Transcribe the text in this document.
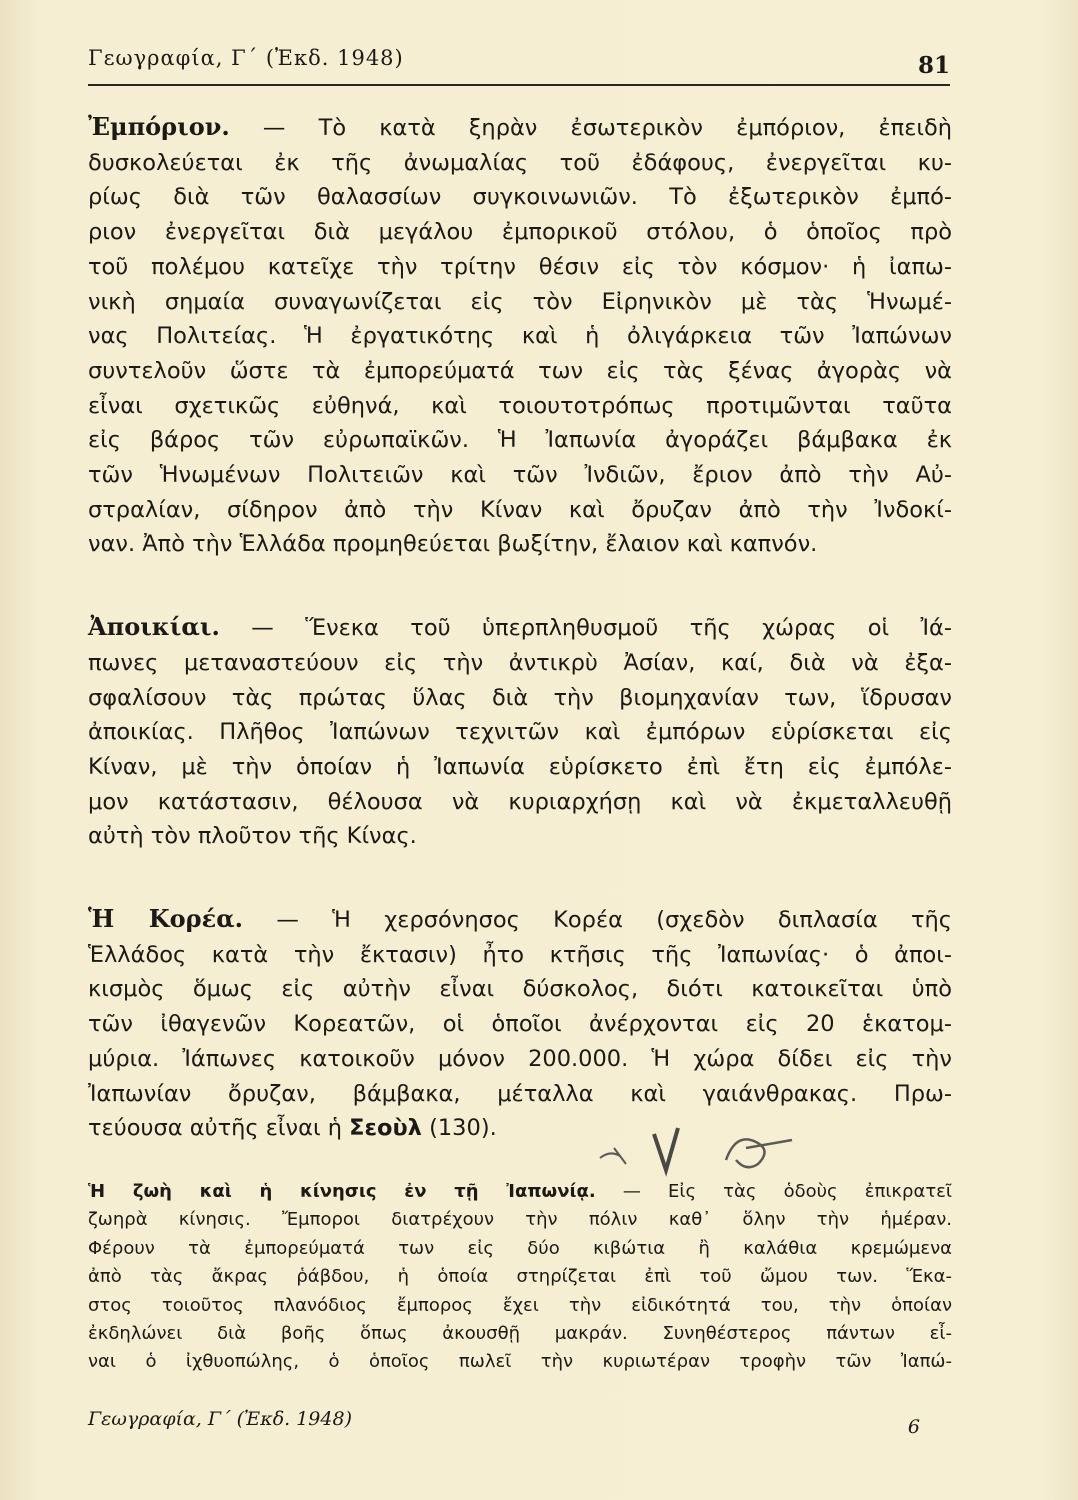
Γεωγραφία, Γ΄ (Ἐκδ. 1948)	81

Ἐμπόριον. — Τὸ κατὰ ξηρὰν ἐσωτερικὸν ἐμπόριον, ἐπειδὴ
δυσκολεύεται ἐκ τῆς ἀνωμαλίας τοῦ ἐδάφους, ἐνεργεῖται κυ-
ρίως διὰ τῶν θαλασσίων συγκοινωνιῶν. Τὸ ἐξωτερικὸν ἐμπό-
ριον ἐνεργεῖται διὰ μεγάλου ἐμπορικοῦ στόλου, ὁ ὁποῖος πρὸ
τοῦ πολέμου κατεῖχε τὴν τρίτην θέσιν εἰς τὸν κόσμον· ἡ ἰαπω-
νικὴ σημαία συναγωνίζεται εἰς τὸν Εἰρηνικὸν μὲ τὰς Ἡνωμέ-
νας Πολιτείας. Ἡ ἐργατικότης καὶ ἡ ὀλιγάρκεια τῶν Ἰαπώνων
συντελοῦν ὥστε τὰ ἐμπορεύματά των εἰς τὰς ξένας ἀγορὰς νὰ
εἶναι σχετικῶς εὐθηνά, καὶ τοιουτοτρόπως προτιμῶνται ταῦτα
εἰς βάρος τῶν εὐρωπαϊκῶν. Ἡ Ἰαπωνία ἀγοράζει βάμβακα ἐκ
τῶν Ἡνωμένων Πολιτειῶν καὶ τῶν Ἰνδιῶν, ἔριον ἀπὸ τὴν Αὐ-
στραλίαν, σίδηρον ἀπὸ τὴν Κίναν καὶ ὄρυζαν ἀπὸ τὴν Ἰνδοκί-
ναν. Ἀπὸ τὴν Ἑλλάδα προμηθεύεται βωξίτην, ἔλαιον καὶ καπνόν.

Ἀποικίαι. — Ἕνεκα τοῦ ὑπερπληθυσμοῦ τῆς χώρας οἱ Ἰά-
πωνες μεταναστεύουν εἰς τὴν ἀντικρὺ Ἀσίαν, καί, διὰ νὰ ἐξα-
σφαλίσουν τὰς πρώτας ὕλας διὰ τὴν βιομηχανίαν των, ἵδρυσαν
ἀποικίας. Πλῆθος Ἰαπώνων τεχνιτῶν καὶ ἐμπόρων εὑρίσκεται εἰς
Κίναν, μὲ τὴν ὁποίαν ἡ Ἰαπωνία εὑρίσκετο ἐπὶ ἔτη εἰς ἐμπόλε-
μον κατάστασιν, θέλουσα νὰ κυριαρχήσῃ καὶ νὰ ἐκμεταλλευθῇ
αὐτὴ τὸν πλοῦτον τῆς Κίνας.

Ἡ Κορέα. — Ἡ χερσόνησος Κορέα (σχεδὸν διπλασία τῆς
Ἑλλάδος κατὰ τὴν ἔκτασιν) ἦτο κτῆσις τῆς Ἰαπωνίας· ὁ ἀποι-
κισμὸς ὅμως εἰς αὐτὴν εἶναι δύσκολος, διότι κατοικεῖται ὑπὸ
τῶν ἰθαγενῶν Κορεατῶν, οἱ ὁποῖοι ἀνέρχονται εἰς 20 ἑκατομ-
μύρια. Ἰάπωνες κατοικοῦν μόνον 200.000. Ἡ χώρα δίδει εἰς τὴν
Ἰαπωνίαν ὄρυζαν, βάμβακα, μέταλλα καὶ γαιάνθρακας. Πρω-
τεύουσα αὐτῆς εἶναι ἡ Σεοὺλ (130).

Ἡ ζωὴ καὶ ἡ κίνησις ἐν τῇ Ἰαπωνίᾳ. — Εἰς τὰς ὁδοὺς ἐπικρατεῖ
ζωηρὰ κίνησις. Ἔμποροι διατρέχουν τὴν πόλιν καθ᾽ ὅλην τὴν ἡμέραν.
Φέρουν τὰ ἐμπορεύματά των εἰς δύο κιβώτια ἢ καλάθια κρεμώμενα
ἀπὸ τὰς ἄκρας ῥάβδου, ἡ ὁποία στηρίζεται ἐπὶ τοῦ ὤμου των. Ἕκα-
στος τοιοῦτος πλανόδιος ἔμπορος ἔχει τὴν εἰδικότητά του, τὴν ὁποίαν
ἐκδηλώνει διὰ βοῆς ὅπως ἀκουσθῇ μακράν. Συνηθέστερος πάντων εἶ-
ναι ὁ ἰχθυοπώλης, ὁ ὁποῖος πωλεῖ τὴν κυριωτέραν τροφὴν τῶν Ἰαπώ-
Γεωγραφία, Γ΄ (Ἐκδ. 1948)	6
